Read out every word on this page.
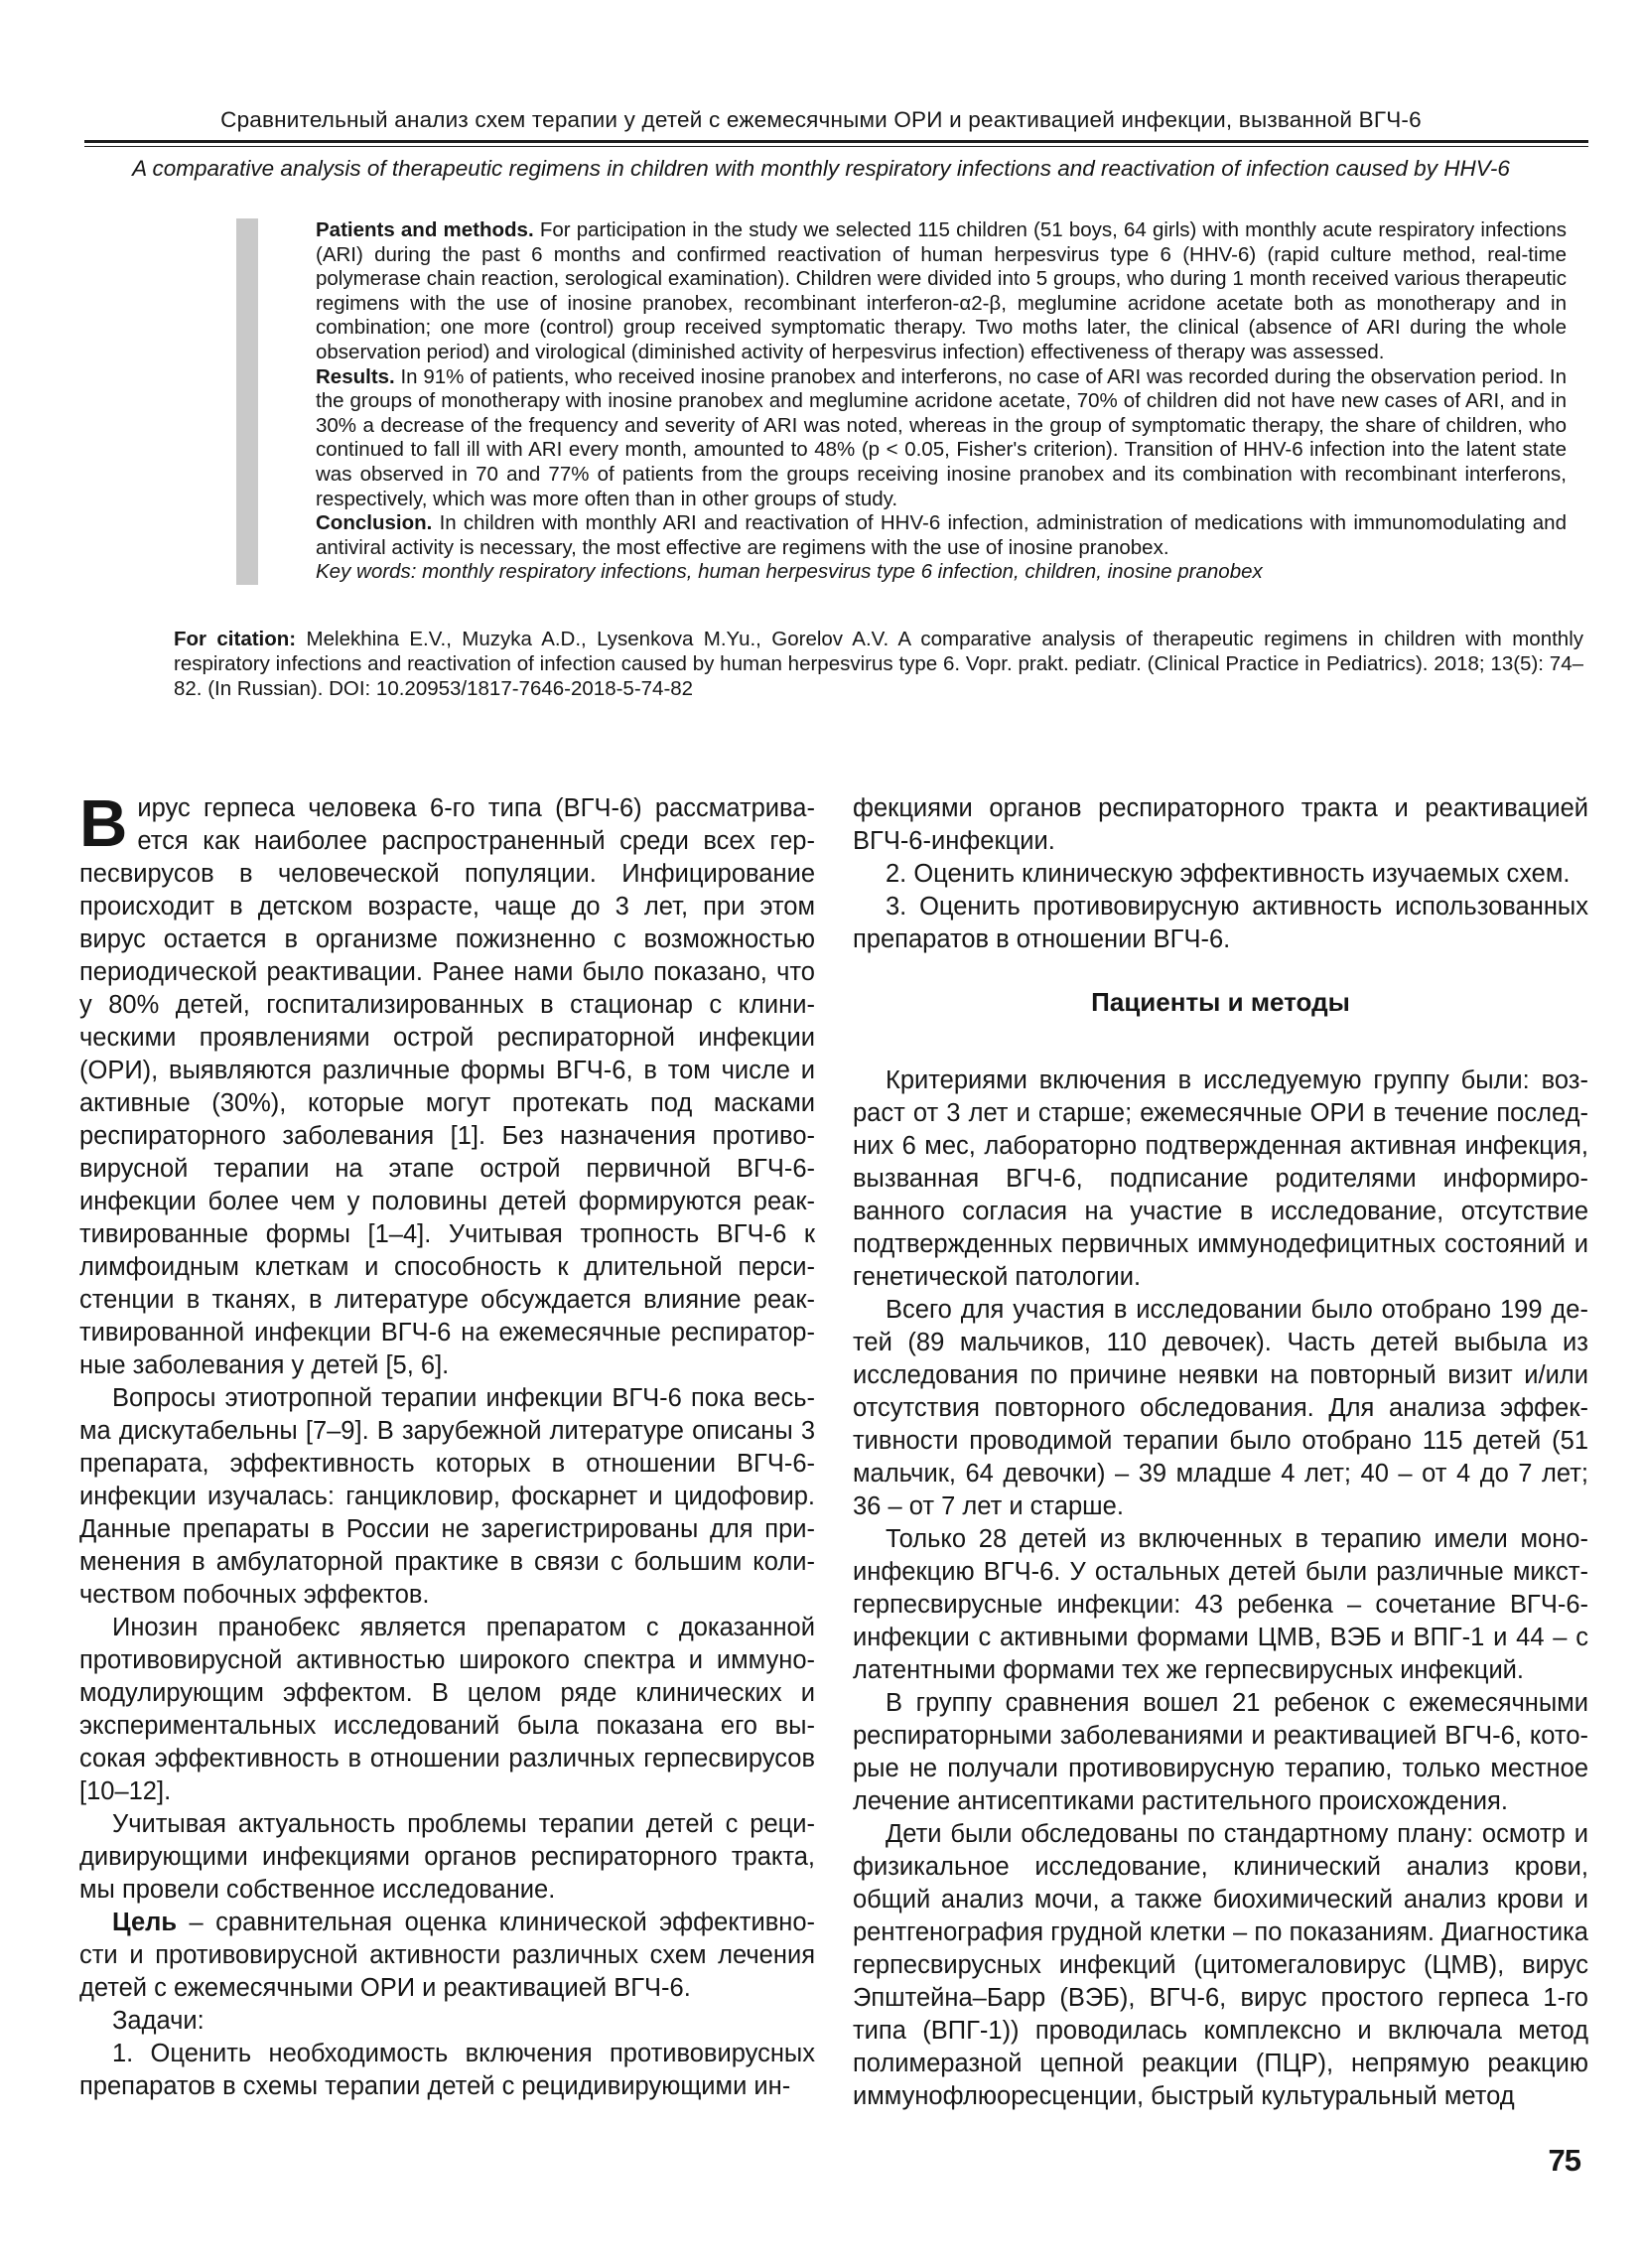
Сравнительный анализ схем терапии у детей с ежемесячными ОРИ и реактивацией инфекции, вызванной ВГЧ-6
A comparative analysis of therapeutic regimens in children with monthly respiratory infections and reactivation of infection caused by HHV-6

Patients and methods. For participation in the study we selected 115 children (51 boys, 64 girls) with monthly acute respiratory infections (ARI) during the past 6 months and confirmed reactivation of human herpesvirus type 6 (HHV-6) (rapid culture method, real-time polymerase chain reaction, serological examination). Children were divided into 5 groups, who during 1 month received various therapeutic regimens with the use of inosine pranobex, recombinant interferon-α2-β, meglumine acridone acetate both as monotherapy and in combination; one more (control) group received symptomatic therapy. Two moths later, the clinical (absence of ARI during the whole observation period) and virological (diminished activity of herpesvirus infection) effectiveness of therapy was assessed.

Results. In 91% of patients, who received inosine pranobex and interferons, no case of ARI was recorded during the observation period. In the groups of monotherapy with inosine pranobex and meglumine acridone acetate, 70% of children did not have new cases of ARI, and in 30% a decrease of the frequency and severity of ARI was noted, whereas in the group of symptomatic therapy, the share of children, who continued to fall ill with ARI every month, amounted to 48% (p < 0.05, Fisher's criterion). Transition of HHV-6 infection into the latent state was observed in 70 and 77% of patients from the groups receiving inosine pranobex and its combination with recombinant interferons, respectively, which was more often than in other groups of study.

Conclusion. In children with monthly ARI and reactivation of HHV-6 infection, administration of medications with immunomodulating and antiviral activity is necessary, the most effective are regimens with the use of inosine pranobex.

Key words: monthly respiratory infections, human herpesvirus type 6 infection, children, inosine pranobex

For citation: Melekhina E.V., Muzyka A.D., Lysenkova M.Yu., Gorelov A.V. A comparative analysis of therapeutic regimens in children with monthly respiratory infections and reactivation of infection caused by human herpesvirus type 6. Vopr. prakt. pediatr. (Clinical Practice in Pediatrics). 2018; 13(5): 74–82. (In Russian). DOI: 10.20953/1817-7646-2018-5-74-82

Вирус герпеса человека 6-го типа (ВГЧ-6) рассматривается как наиболее распространенный среди всех герпесвирусов в человеческой популяции. Инфицирование происходит в детском возрасте, чаще до 3 лет, при этом вирус остается в организме пожизненно с возможностью периодической реактивации. Ранее нами было показано, что у 80% детей, госпитализированных в стационар с клиническими проявлениями острой респираторной инфекции (ОРИ), выявляются различные формы ВГЧ-6, в том числе и активные (30%), которые могут протекать под масками респираторного заболевания [1]. Без назначения противовирусной терапии на этапе острой первичной ВГЧ-6-инфекции более чем у половины детей формируются реактивированные формы [1–4]. Учитывая тропность ВГЧ-6 к лимфоидным клеткам и способность к длительной персистенции в тканях, в литературе обсуждается влияние реактивированной инфекции ВГЧ-6 на ежемесячные респираторные заболевания у детей [5, 6].

Вопросы этиотропной терапии инфекции ВГЧ-6 пока весьма дискутабельны [7–9]. В зарубежной литературе описаны 3 препарата, эффективность которых в отношении ВГЧ-6-инфекции изучалась: ганцикловир, фоскарнет и цидофовир. Данные препараты в России не зарегистрированы для применения в амбулаторной практике в связи с большим количеством побочных эффектов.

Инозин пранобекс является препаратом с доказанной противовирусной активностью широкого спектра и иммуномодулирующим эффектом. В целом ряде клинических и экспериментальных исследований была показана его высокая эффективность в отношении различных герпесвирусов [10–12].

Учитывая актуальность проблемы терапии детей с рецидивирующими инфекциями органов респираторного тракта, мы провели собственное исследование.

Цель – сравнительная оценка клинической эффективности и противовирусной активности различных схем лечения детей с ежемесячными ОРИ и реактивацией ВГЧ-6.

Задачи:

1. Оценить необходимость включения противовирусных препаратов в схемы терапии детей с рецидивирующими ин-

фекциями органов респираторного тракта и реактивацией ВГЧ-6-инфекции.

2. Оценить клиническую эффективность изучаемых схем.

3. Оценить противовирусную активность использованных препаратов в отношении ВГЧ-6.

Пациенты и методы

Критериями включения в исследуемую группу были: возраст от 3 лет и старше; ежемесячные ОРИ в течение последних 6 мес, лабораторно подтвержденная активная инфекция, вызванная ВГЧ-6, подписание родителями информированного согласия на участие в исследование, отсутствие подтвержденных первичных иммунодефицитных состояний и генетической патологии.

Всего для участия в исследовании было отобрано 199 детей (89 мальчиков, 110 девочек). Часть детей выбыла из исследования по причине неявки на повторный визит и/или отсутствия повторного обследования. Для анализа эффективности проводимой терапии было отобрано 115 детей (51 мальчик, 64 девочки) – 39 младше 4 лет; 40 – от 4 до 7 лет; 36 – от 7 лет и старше.

Только 28 детей из включенных в терапию имели моноинфекцию ВГЧ-6. У остальных детей были различные микст-герпесвирусные инфекции: 43 ребенка – сочетание ВГЧ-6-инфекции с активными формами ЦМВ, ВЭБ и ВПГ-1 и 44 – с латентными формами тех же герпесвирусных инфекций.

В группу сравнения вошел 21 ребенок с ежемесячными респираторными заболеваниями и реактивацией ВГЧ-6, которые не получали противовирусную терапию, только местное лечение антисептиками растительного происхождения.

Дети были обследованы по стандартному плану: осмотр и физикальное исследование, клинический анализ крови, общий анализ мочи, а также биохимический анализ крови и рентгенография грудной клетки – по показаниям. Диагностика герпесвирусных инфекций (цитомегаловирус (ЦМВ), вирус Эпштейна–Барр (ВЭБ), ВГЧ-6, вирус простого герпеса 1-го типа (ВПГ-1)) проводилась комплексно и включала метод полимеразной цепной реакции (ПЦР), непрямую реакцию иммунофлюоресценции, быстрый культуральный метод

75
